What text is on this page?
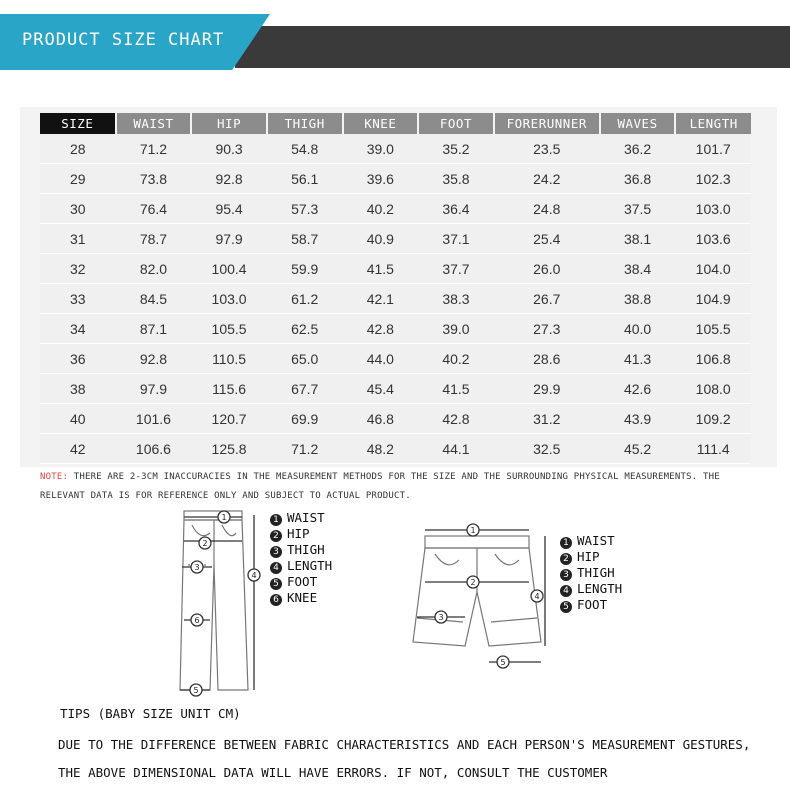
PRODUCT SIZE CHART
SIZE	WAIST	HIP	THIGH	KNEE	FOOT	FORERUNNER	WAVES	LENGTH
28	71.2	90.3	54.8	39.0	35.2	23.5	36.2	101.7
29	73.8	92.8	56.1	39.6	35.8	24.2	36.8	102.3
30	76.4	95.4	57.3	40.2	36.4	24.8	37.5	103.0
31	78.7	97.9	58.7	40.9	37.1	25.4	38.1	103.6
32	82.0	100.4	59.9	41.5	37.7	26.0	38.4	104.0
33	84.5	103.0	61.2	42.1	38.3	26.7	38.8	104.9
34	87.1	105.5	62.5	42.8	39.0	27.3	40.0	105.5
36	92.8	110.5	65.0	44.0	40.2	28.6	41.3	106.8
38	97.9	115.6	67.7	45.4	41.5	29.9	42.6	108.0
40	101.6	120.7	69.9	46.8	42.8	31.2	43.9	109.2
42	106.6	125.8	71.2	48.2	44.1	32.5	45.2	111.4
NOTE: THERE ARE 2-3CM INACCURACIES IN THE MEASUREMENT METHODS FOR THE SIZE AND THE SURROUNDING PHYSICAL MEASUREMENTS. THE RELEVANT DATA IS FOR REFERENCE ONLY AND SUBJECT TO ACTUAL PRODUCT.
1
2
3
4
5
6
1 WAIST
2 HIP
3 THIGH
4 LENGTH
5 FOOT
6 KNEE
1
2
3
4
5
1 WAIST
2 HIP
3 THIGH
4 LENGTH
5 FOOT
TIPS (BABY SIZE UNIT CM)

DUE TO THE DIFFERENCE BETWEEN FABRIC CHARACTERISTICS AND EACH PERSON'S MEASUREMENT GESTURES, THE ABOVE DIMENSIONAL DATA WILL HAVE ERRORS. IF NOT, CONSULT THE CUSTOMER
